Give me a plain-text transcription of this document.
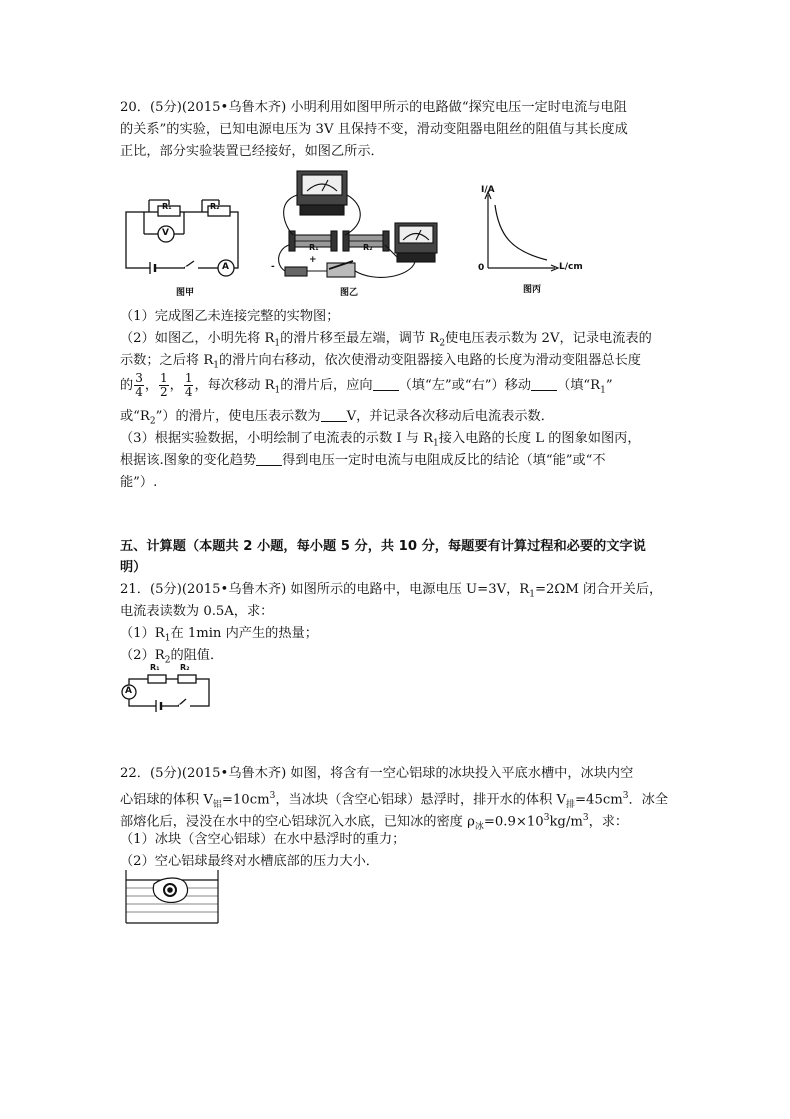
20．(5分)(2015•乌鲁木齐) 小明利用如图甲所示的电路做“探究电压一定时电流与电阻

的关系”的实验，已知电源电压为 3V 且保持不变，滑动变阻器电阻丝的阻值与其长度成

正比，部分实验装置已经接好，如图乙所示．

R₁	R₂
V
A
图甲
R₁	R₂
-
+
图乙
I/A
L/cm
0
图丙

（1）完成图乙未连接完整的实物图；

（2）如图乙，小明先将 $R_1$的滑片移至最左端，调节 $R_2$使电压表示数为 2V，记录电流表的

示数；之后将 $R_1$的滑片向右移动，依次使滑动变阻器接入电路的长度为滑动变阻器总长度

的 $\frac{3}{4}$ ， $\frac{1}{2}$ ， $\frac{1}{4}$ ，每次移动 $R_1$的滑片后，应向 （填“左”或“右”）移动 （填“$R_1$”

或“$R_2$”）的滑片，使电压表示数为 V，并记录各次移动后电流表示数．

（3）根据实验数据，小明绘制了电流表的示数 I 与 $R_1$接入电路的长度 L 的图象如图丙，

根据该.图象的变化趋势 得到电压一定时电流与电阻成反比的结论（填“能”或“不

能”）.

五、计算题（本题共 2 小题，每小题 5 分，共 10 分，每题要有计算过程和必要的文字说

明）

21．(5分)(2015•乌鲁木齐) 如图所示的电路中，电源电压 U=3V，$R_1=2\Omega M$ 闭合开关后，

电流表读数为 0.5A，求：

$(1)R_1$在 1min 内产生的热量；

$(2)R_2$的阻值．

A
R₁	R₂

22．(5分)(2015•乌鲁木齐) 如图，将含有一空心铝球的冰块投入平底水槽中，冰块内空

心铝球的体积 $V_铝=10cm^3$，当冰块（含空心铝球）悬浮时，排开水的体积 $V_排=45cm^3$．冰全

部熔化后，浸没在水中的空心铝球沉入水底，已知冰的密度 $\rho_冰=0.9\times 10^3kg/m^3$，求：

（1）冰块（含空心铝球）在水中悬浮时的重力；

（2）空心铝球最终对水槽底部的压力大小．
